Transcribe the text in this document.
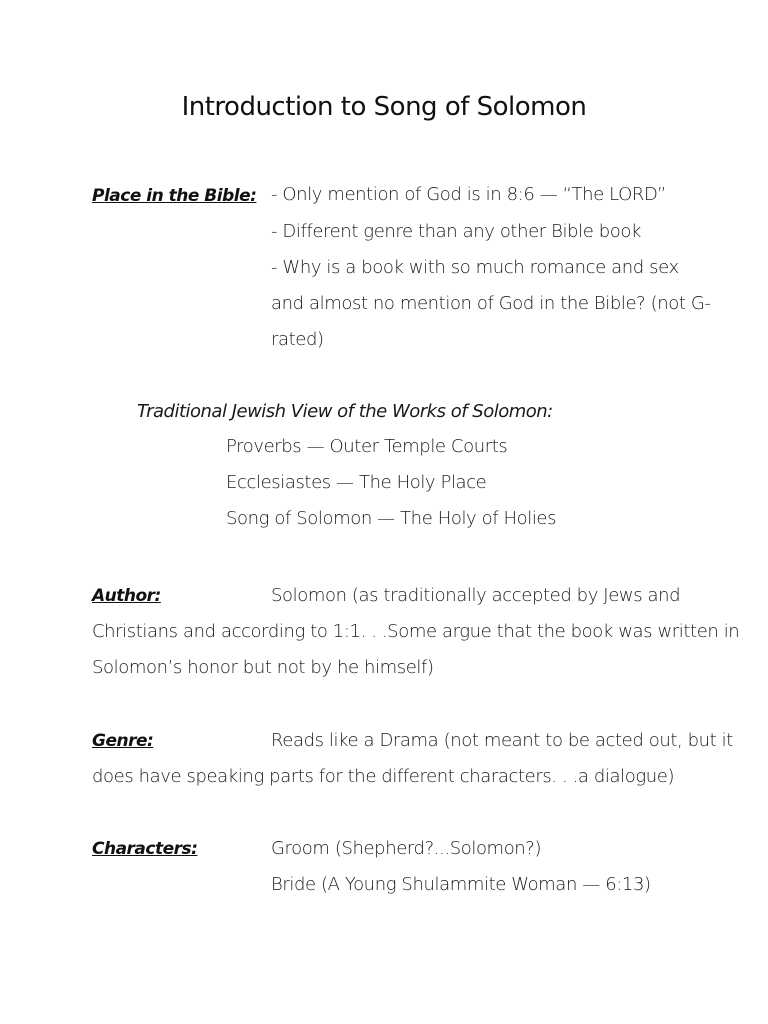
Introduction to Song of Solomon
Place in the Bible: - Only mention of God is in 8:6 — “The LORD”
- Different genre than any other Bible book
- Why is a book with so much romance and sex
and almost no mention of God in the Bible? (not G-
rated)
Traditional Jewish View of the Works of Solomon:
Proverbs — Outer Temple Courts
Ecclesiastes — The Holy Place
Song of Solomon — The Holy of Holies
Author:	Solomon (as traditionally accepted by Jews and
Christians and according to 1:1. . .Some argue that the book was written in
Solomon’s honor but not by he himself)
Genre:	Reads like a Drama (not meant to be acted out, but it
does have speaking parts for the different characters. . .a dialogue)
Characters:	Groom (Shepherd?...Solomon?)
Bride (A Young Shulammite Woman — 6:13)
